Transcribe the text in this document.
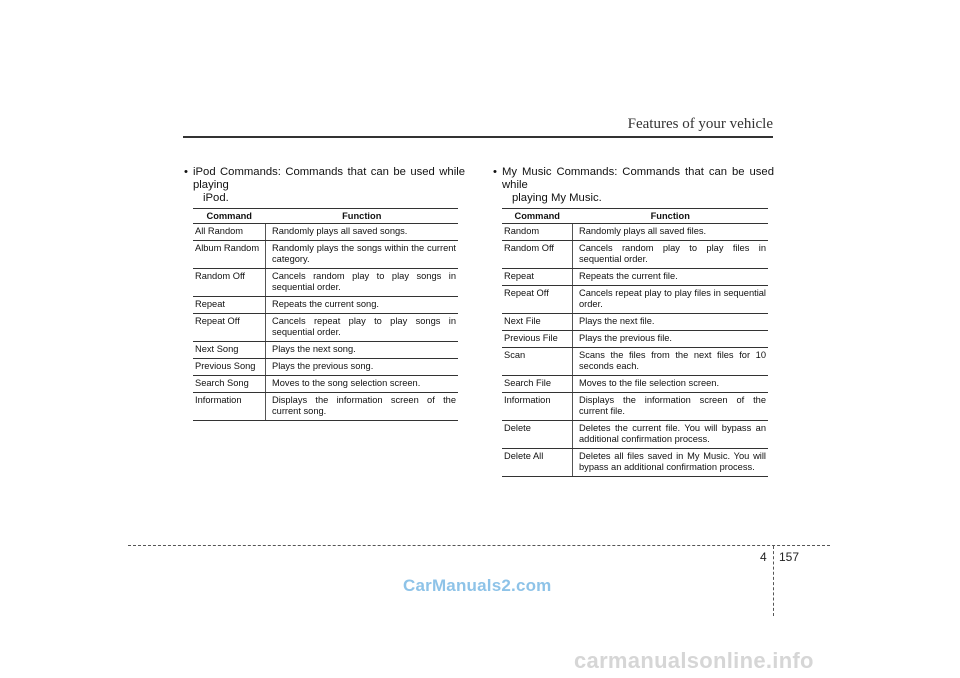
Features of your vehicle
• iPod Commands: Commands that can be used while playing
iPod.
• My Music Commands: Commands that can be used while
playing My Music.
Command	Function
All Random	Randomly plays all saved songs.
Album Random	Randomly plays the songs within the current category.
Random Off	Cancels random play to play songs in sequential order.
Repeat	Repeats the current song.
Repeat Off	Cancels repeat play to play songs in sequential order.
Next Song	Plays the next song.
Previous Song	Plays the previous song.
Search Song	Moves to the song selection screen.
Information	Displays the information screen of the current song.
Command	Function
Random	Randomly plays all saved files.
Random Off	Cancels random play to play files in sequential order.
Repeat	Repeats the current file.
Repeat Off	Cancels repeat play to play files in sequential order.
Next File	Plays the next file.
Previous File	Plays the previous file.
Scan	Scans the files from the next files for 10 seconds each.
Search File	Moves to the file selection screen.
Information	Displays the information screen of the current file.
Delete	Deletes the current file. You will bypass an additional confirmation process.
Delete All	Deletes all files saved in My Music. You will bypass an additional confirmation process.
4 157
CarManuals2.com
carmanualsonline.info
